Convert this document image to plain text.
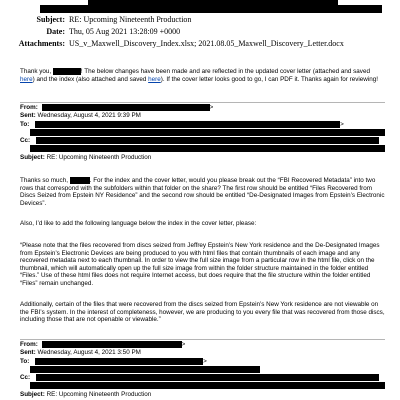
Subject: RE: Upcoming Nineteenth Production
Date: Thu, 05 Aug 2021 13:28:09 +0000
Attachments: US_v_Maxwell_Discovery_Index.xlsx; 2021.08.05_Maxwell_Discovery_Letter.docx
Thank you,	! The below changes have been made and are reflected in the updated cover letter (attached and saved here) and the index (also attached and saved here). If the cover letter looks good to go, I can PDF it. Thanks again for reviewing!
From:	>
Sent: Wednesday, August 4, 2021 9:39 PM
To:	>
Cc:
Subject: RE: Upcoming Nineteenth Production
Thanks so much,	. For the index and the cover letter, would you please break out the “FBI Recovered Metadata” into two rows that correspond with the subfolders within that folder on the share? The first row should be entitled “Files Recovered from Discs Seized from Epstein NY Residence” and the second row should be entitled “De-Designated Images from Epstein’s Electronic Devices”.
Also, I’d like to add the following language below the index in the cover letter, please:
“Please note that the files recovered from discs seized from Jeffrey Epstein’s New York residence and the De-Designated Images from Epstein’s Electronic Devices are being produced to you with html files that contain thumbnails of each image and any recovered metadata next to each thumbnail. In order to view the full size image from a particular row in the html file, click on the thumbnail, which will automatically open up the full size image from within the folder structure maintained in the folder entitled “Files.” Use of these html files does not require Internet access, but does require that the file structure within the folder entitled “Files” remain unchanged.
Additionally, certain of the files that were recovered from the discs seized from Epstein’s New York residence are not viewable on the FBI’s system. In the interest of completeness, however, we are producing to you every file that was recovered from those discs, including those that are not openable or viewable.”
From:	>
Sent: Wednesday, August 4, 2021 3:50 PM
To:	>
Cc:
Subject: RE: Upcoming Nineteenth Production
